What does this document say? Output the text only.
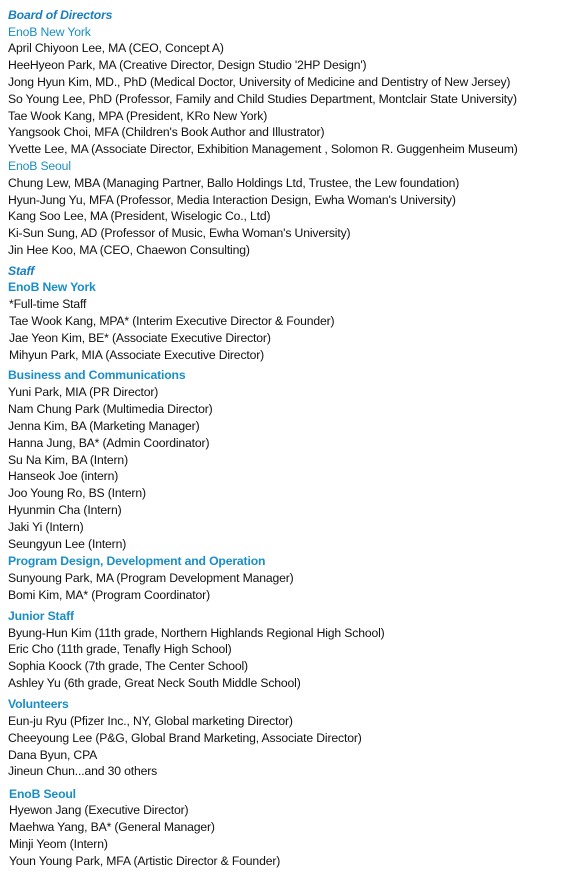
Board of Directors
EnoB New York
April Chiyoon Lee, MA (CEO, Concept A)
HeeHyeon Park, MA (Creative Director, Design Studio '2HP Design')
Jong Hyun Kim, MD., PhD (Medical Doctor, University of Medicine and Dentistry of New Jersey)
So Young Lee, PhD (Professor, Family and Child Studies Department, Montclair State University)
Tae Wook Kang, MPA (President, KRo New York)
Yangsook Choi, MFA (Children's Book Author and Illustrator)
Yvette Lee, MA (Associate Director, Exhibition Management , Solomon R. Guggenheim Museum)
EnoB Seoul
Chung Lew, MBA (Managing Partner, Ballo Holdings Ltd, Trustee, the Lew foundation)
Hyun-Jung Yu, MFA (Professor, Media Interaction Design, Ewha Woman's University)
Kang Soo Lee, MA (President, Wiselogic Co., Ltd)
Ki-Sun Sung, AD (Professor of Music, Ewha Woman's University)
Jin Hee Koo, MA (CEO, Chaewon Consulting)
Staff
EnoB New York
*Full-time Staff
Tae Wook Kang, MPA* (Interim Executive Director & Founder)
Jae Yeon Kim, BE* (Associate Executive Director)
Mihyun Park, MIA (Associate Executive Director)
Business and Communications
Yuni Park, MIA (PR Director)
Nam Chung Park (Multimedia Director)
Jenna Kim, BA (Marketing Manager)
Hanna Jung, BA* (Admin Coordinator)
Su Na Kim, BA (Intern)
Hanseok Joe (intern)
Joo Young Ro, BS (Intern)
Hyunmin Cha (Intern)
Jaki Yi (Intern)
Seungyun Lee (Intern)
Program Design, Development and Operation
Sunyoung Park, MA (Program Development Manager)
Bomi Kim, MA* (Program Coordinator)
Junior Staff
Byung-Hun Kim (11th grade, Northern Highlands Regional High School)
Eric Cho (11th grade, Tenafly High School)
Sophia Koock (7th grade, The Center School)
Ashley Yu (6th grade, Great Neck South Middle School)
Volunteers
Eun-ju Ryu (Pfizer Inc., NY, Global marketing Director)
Cheeyoung Lee (P&G, Global Brand Marketing, Associate Director)
Dana Byun, CPA
Jineun Chun...and 30 others
EnoB Seoul
Hyewon Jang (Executive Director)
Maehwa Yang, BA* (General Manager)
Minji Yeom (Intern)
Youn Young Park, MFA (Artistic Director & Founder)
